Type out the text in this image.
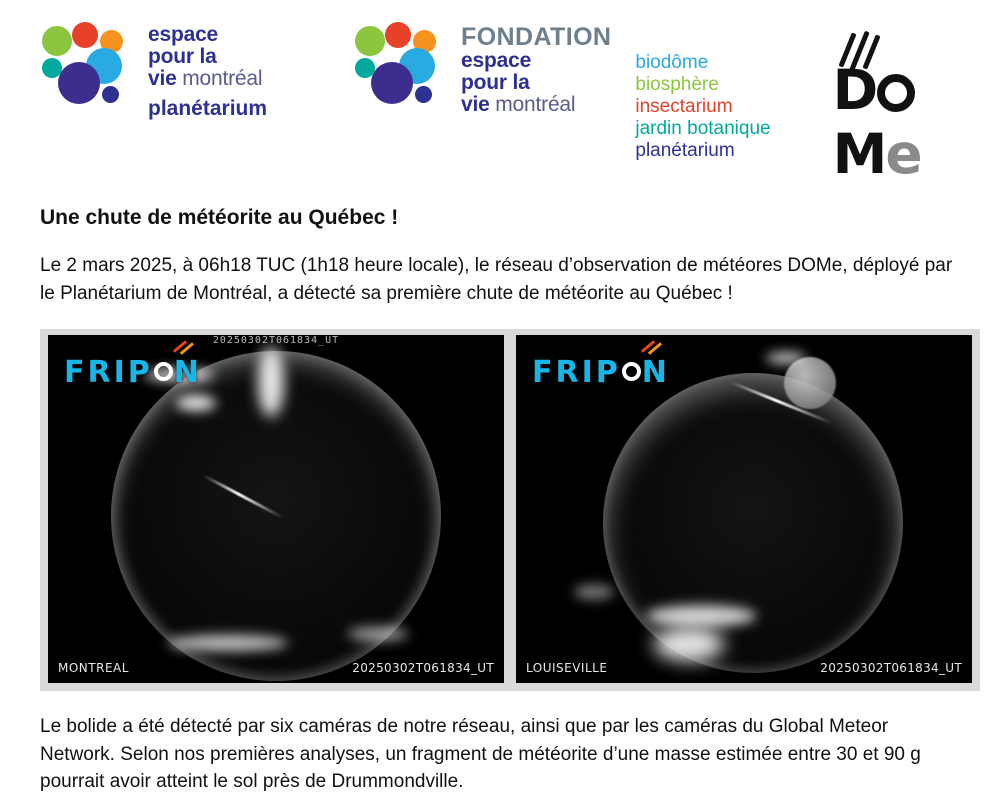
espace
pour la
vie montréal
planétarium
FONDATION
espace
pour la
vie montréal
biodôme
biosphère
insectarium
jardin botanique
planétarium
DMe
Une chute de météorite au Québec !
Le 2 mars 2025, à 06h18 TUC (1h18 heure locale), le réseau d’observation de météores DOMe, déployé par le Planétarium de Montréal, a détecté sa première chute de météorite au Québec !
20250302T061834_UT
FRIP N
MONTREAL	20250302T061834_UT
FRIP N
LOUISEVILLE	20250302T061834_UT
Le bolide a été détecté par six caméras de notre réseau, ainsi que par les caméras du Global Meteor Network. Selon nos premières analyses, un fragment de météorite d’une masse estimée entre 30 et 90 g pourrait avoir atteint le sol près de Drummondville.
